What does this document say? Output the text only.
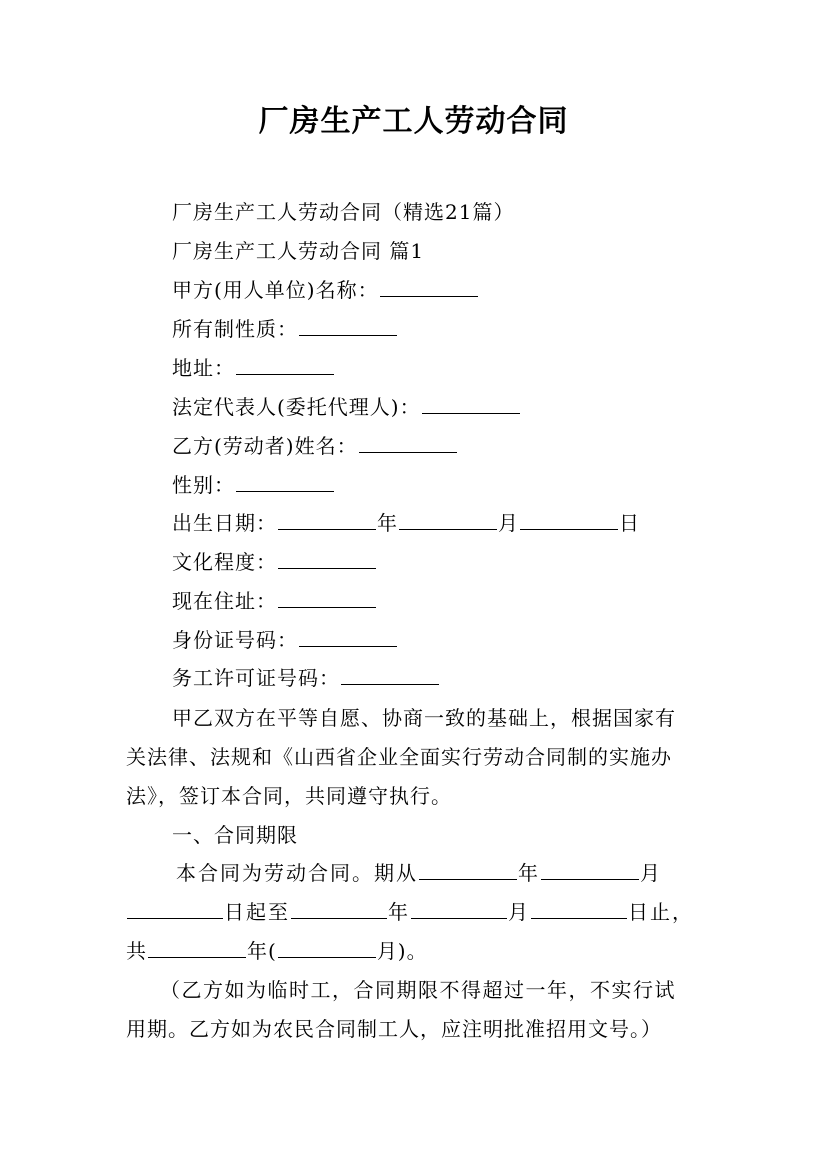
厂房生产工人劳动合同
厂房生产工人劳动合同（精选21篇）
厂房生产工人劳动合同 篇1
甲方(用人单位)名称：
所有制性质：
地址：
法定代表人(委托代理人)：
乙方(劳动者)姓名：
性别：
出生日期：	年	月	日
文化程度：
现在住址：
身份证号码：
务工许可证号码：
甲乙双方在平等自愿、协商一致的基础上，根据国家有
关法律、法规和《山西省企业全面实行劳动合同制的实施办
法》，签订本合同，共同遵守执行。
一、合同期限
本合同为劳动合同。期从	年	月
日起至	年	月	日止，
共	年(	月)。
（乙方如为临时工，合同期限不得超过一年，不实行试
用期。乙方如为农民合同制工人，应注明批准招用文号。）
